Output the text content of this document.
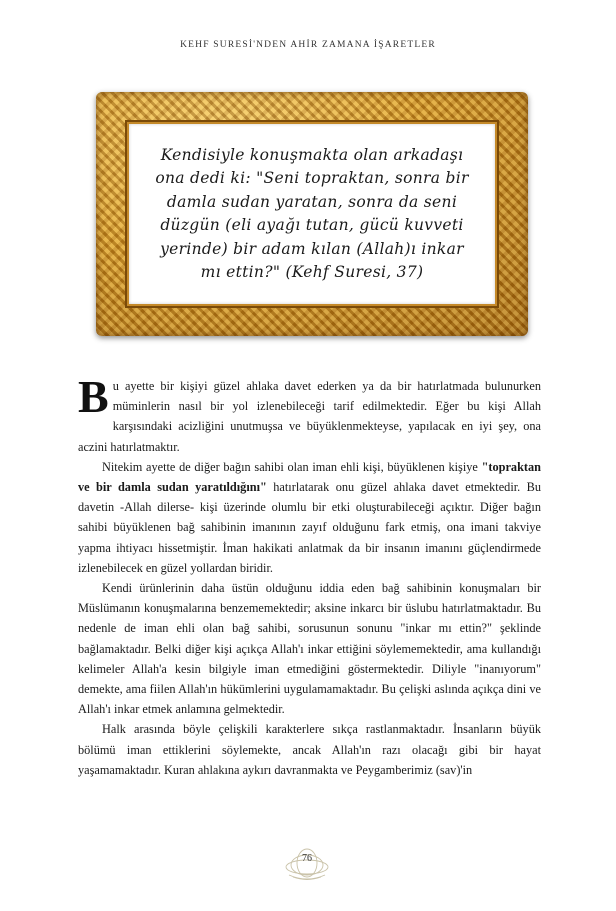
KEHF SURESİ'NDEN AHİR ZAMANA İŞARETLER

Kendisiyle konuşmakta olan arkadaşı
ona dedi ki: "Seni topraktan, sonra bir
damla sudan yaratan, sonra da seni
düzgün (eli ayağı tutan, gücü kuvveti
yerinde) bir adam kılan (Allah)ı inkar
mı ettin?" (Kehf Suresi, 37)

Bu ayette bir kişiyi güzel ahlaka davet ederken ya da bir hatırlatmada bulunurken müminlerin nasıl bir yol izlenebileceği tarif edilmektedir. Eğer bu kişi Allah karşısındaki acizliğini unutmuşsa ve büyüklenmekteyse, yapılacak en iyi şey, ona aczini hatırlatmaktır.

Nitekim ayette de diğer bağın sahibi olan iman ehli kişi, büyüklenen kişiye "topraktan ve bir damla sudan yaratıldığını" hatırlatarak onu güzel ahlaka davet etmektedir. Bu davetin -Allah dilerse- kişi üzerinde olumlu bir etki oluşturabileceği açıktır. Diğer bağın sahibi büyüklenen bağ sahibinin imanının zayıf olduğunu fark etmiş, ona imani takviye yapma ihtiyacı hissetmiştir. İman hakikati anlatmak da bir insanın imanını güçlendirmede izlenebilecek en güzel yollardan biridir.

Kendi ürünlerinin daha üstün olduğunu iddia eden bağ sahibinin konuşmaları bir Müslümanın konuşmalarına benzememektedir; aksine inkarcı bir üslubu hatırlatmaktadır. Bu nedenle de iman ehli olan bağ sahibi, sorusunun sonunu "inkar mı ettin?" şeklinde bağlamaktadır. Belki diğer kişi açıkça Allah'ı inkar ettiğini söylememektedir, ama kullandığı kelimeler Allah'a kesin bilgiyle iman etmediğini göstermektedir. Diliyle "inanıyorum" demekte, ama fiilen Allah'ın hükümlerini uygulamamaktadır. Bu çelişki aslında açıkça dini ve Allah'ı inkar etmek anlamına gelmektedir.

Halk arasında böyle çelişkili karakterlere sıkça rastlanmaktadır. İnsanların büyük bölümü iman ettiklerini söylemekte, ancak Allah'ın razı olacağı gibi bir hayat yaşamamaktadır. Kuran ahlakına aykırı davranmakta ve Peygamberimiz (sav)'in

76
